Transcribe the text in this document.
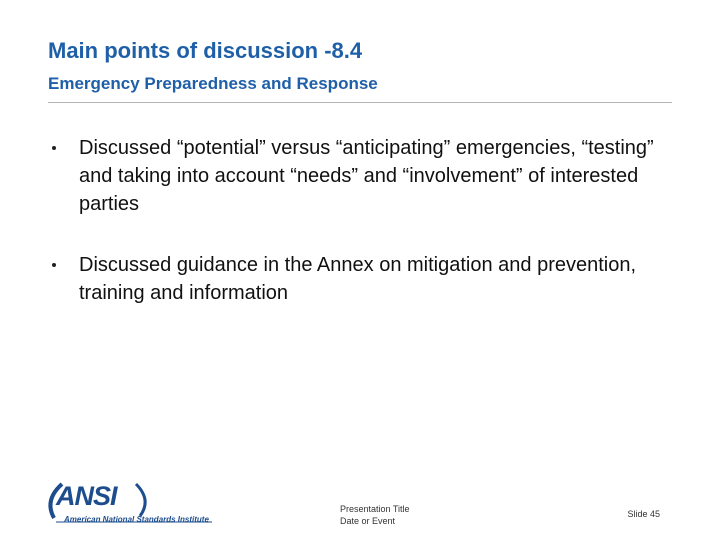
Main points of discussion -8.4
Emergency Preparedness and Response
Discussed “potential” versus “anticipating” emergencies, “testing” and taking into account “needs” and “involvement” of interested parties
Discussed guidance in the Annex on mitigation and prevention, training and information
ANSI
American National Standards Institute
Presentation Title
Date or Event
Slide 45
